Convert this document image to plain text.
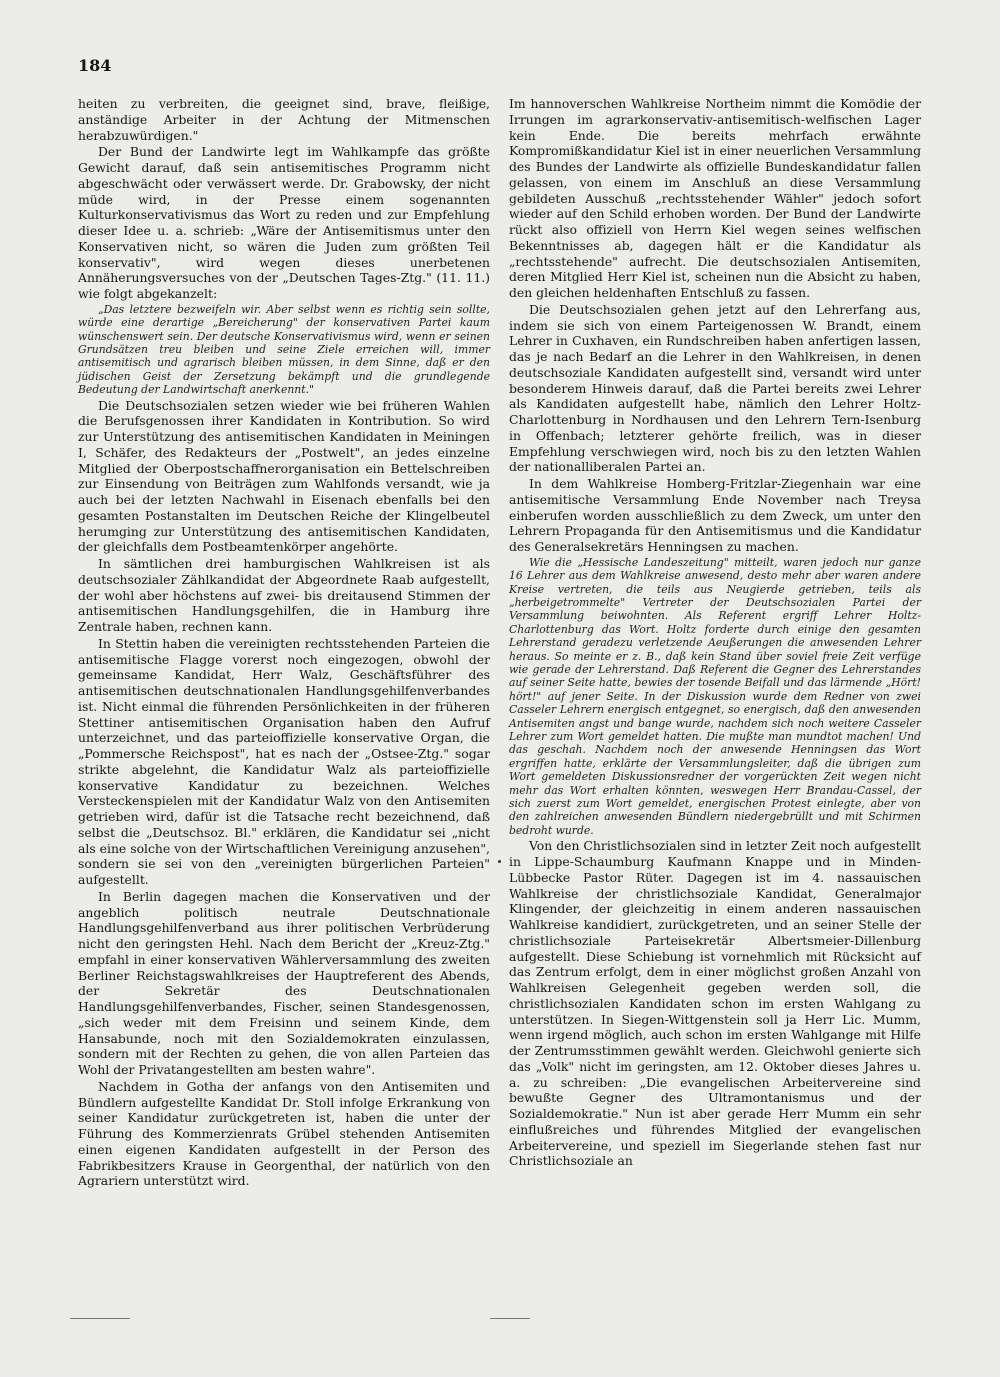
184

heiten zu verbreiten, die geeignet sind, brave, fleißige, anständige Arbeiter in der Achtung der Mitmenschen herabzuwürdigen."

Der Bund der Landwirte legt im Wahlkampfe das größte Gewicht darauf, daß sein antisemitisches Programm nicht abgeschwächt oder verwässert werde. Dr. Grabowsky, der nicht müde wird, in der Presse einem sogenannten Kulturkonservativismus das Wort zu reden und zur Empfehlung dieser Idee u. a. schrieb: „Wäre der Antisemitismus unter den Konservativen nicht, so wären die Juden zum größten Teil konservativ", wird wegen dieses unerbetenen Annäherungsversuches von der „Deutschen Tages-Ztg." (11. 11.) wie folgt abgekanzelt:

„Das letztere bezweifeln wir. Aber selbst wenn es richtig sein sollte, würde eine derartige „Bereicherung" der konservativen Partei kaum wünschenswert sein. Der deutsche Konservativismus wird, wenn er seinen Grundsätzen treu bleiben und seine Ziele erreichen will, immer antisemitisch und agrarisch bleiben müssen, in dem Sinne, daß er den jüdischen Geist der Zersetzung bekämpft und die grundlegende Bedeutung der Landwirtschaft anerkennt."

Die Deutschsozialen setzen wieder wie bei früheren Wahlen die Berufsgenossen ihrer Kandidaten in Kontribution. So wird zur Unterstützung des antisemitischen Kandidaten in Meiningen I, Schäfer, des Redakteurs der „Postwelt", an jedes einzelne Mitglied der Oberpostschaffnerorganisation ein Bettelschreiben zur Einsendung von Beiträgen zum Wahlfonds versandt, wie ja auch bei der letzten Nachwahl in Eisenach ebenfalls bei den gesamten Postanstalten im Deutschen Reiche der Klingelbeutel herumging zur Unterstützung des antisemitischen Kandidaten, der gleichfalls dem Postbeamtenkörper angehörte.

In sämtlichen drei hamburgischen Wahlkreisen ist als deutschsozialer Zählkandidat der Abgeordnete Raab aufgestellt, der wohl aber höchstens auf zwei- bis dreitausend Stimmen der antisemitischen Handlungsgehilfen, die in Hamburg ihre Zentrale haben, rechnen kann.

In Stettin haben die vereinigten rechtsstehenden Parteien die antisemitische Flagge vorerst noch eingezogen, obwohl der gemeinsame Kandidat, Herr Walz, Geschäftsführer des antisemitischen deutschnationalen Handlungsgehilfenverbandes ist. Nicht einmal die führenden Persönlichkeiten in der früheren Stettiner antisemitischen Organisation haben den Aufruf unterzeichnet, und das parteioffizielle konservative Organ, die „Pommersche Reichspost", hat es nach der „Ostsee-Ztg." sogar strikte abgelehnt, die Kandidatur Walz als parteioffizielle konservative Kandidatur zu bezeichnen. Welches Versteckenspielen mit der Kandidatur Walz von den Antisemiten getrieben wird, dafür ist die Tatsache recht bezeichnend, daß selbst die „Deutschsoz. Bl." erklären, die Kandidatur sei „nicht als eine solche von der Wirtschaftlichen Vereinigung anzusehen", sondern sie sei von den „vereinigten bürgerlichen Parteien" aufgestellt.

In Berlin dagegen machen die Konservativen und der angeblich politisch neutrale Deutschnationale Handlungsgehilfenverband aus ihrer politischen Verbrüderung nicht den geringsten Hehl. Nach dem Bericht der „Kreuz-Ztg." empfahl in einer konservativen Wählerversammlung des zweiten Berliner Reichstagswahlkreises der Hauptreferent des Abends, der Sekretär des Deutschnationalen Handlungsgehilfenverbandes, Fischer, seinen Standesgenossen, „sich weder mit dem Freisinn und seinem Kinde, dem Hansabunde, noch mit den Sozialdemokraten einzulassen, sondern mit der Rechten zu gehen, die von allen Parteien das Wohl der Privatangestellten am besten wahre".

Nachdem in Gotha der anfangs von den Antisemiten und Bündlern aufgestellte Kandidat Dr. Stoll infolge Erkrankung von seiner Kandidatur zurückgetreten ist, haben die unter der Führung des Kommerzienrats Grübel stehenden Antisemiten einen eigenen Kandidaten aufgestellt in der Person des Fabrikbesitzers Krause in Georgenthal, der natürlich von den Agrariern unterstützt wird.

Im hannoverschen Wahlkreise Northeim nimmt die Komödie der Irrungen im agrarkonservativ-antisemitisch-welfischen Lager kein Ende. Die bereits mehrfach erwähnte Kompromißkandidatur Kiel ist in einer neuerlichen Versammlung des Bundes der Landwirte als offizielle Bundeskandidatur fallen gelassen, von einem im Anschluß an diese Versammlung gebildeten Ausschuß „rechtsstehender Wähler" jedoch sofort wieder auf den Schild erhoben worden. Der Bund der Landwirte rückt also offiziell von Herrn Kiel wegen seines welfischen Bekenntnisses ab, dagegen hält er die Kandidatur als „rechtsstehende" aufrecht. Die deutschsozialen Antisemiten, deren Mitglied Herr Kiel ist, scheinen nun die Absicht zu haben, den gleichen heldenhaften Entschluß zu fassen.

Die Deutschsozialen gehen jetzt auf den Lehrerfang aus, indem sie sich von einem Parteigenossen W. Brandt, einem Lehrer in Cuxhaven, ein Rundschreiben haben anfertigen lassen, das je nach Bedarf an die Lehrer in den Wahlkreisen, in denen deutschsoziale Kandidaten aufgestellt sind, versandt wird unter besonderem Hinweis darauf, daß die Partei bereits zwei Lehrer als Kandidaten aufgestellt habe, nämlich den Lehrer Holtz-Charlottenburg in Nordhausen und den Lehrern Tern-Isenburg in Offenbach; letzterer gehörte freilich, was in dieser Empfehlung verschwiegen wird, noch bis zu den letzten Wahlen der nationalliberalen Partei an.

In dem Wahlkreise Homberg-Fritzlar-Ziegenhain war eine antisemitische Versammlung Ende November nach Treysa einberufen worden ausschließlich zu dem Zweck, um unter den Lehrern Propaganda für den Antisemitismus und die Kandidatur des Generalsekretärs Henningsen zu machen.

Wie die „Hessische Landeszeitung" mitteilt, waren jedoch nur ganze 16 Lehrer aus dem Wahlkreise anwesend, desto mehr aber waren andere Kreise vertreten, die teils aus Neugierde getrieben, teils als „herbeigetrommelte" Vertreter der Deutschsozialen Partei der Versammlung beiwohnten. Als Referent ergriff Lehrer Holtz-Charlottenburg das Wort. Holtz forderte durch einige den gesamten Lehrerstand geradezu verletzende Aeußerungen die anwesenden Lehrer heraus. So meinte er z. B., daß kein Stand über soviel freie Zeit verfüge wie gerade der Lehrerstand. Daß Referent die Gegner des Lehrerstandes auf seiner Seite hatte, bewies der tosende Beifall und das lärmende „Hört! hört!" auf jener Seite. In der Diskussion wurde dem Redner von zwei Casseler Lehrern energisch entgegnet, so energisch, daß den anwesenden Antisemiten angst und bange wurde, nachdem sich noch weitere Casseler Lehrer zum Wort gemeldet hatten. Die mußte man mundtot machen! Und das geschah. Nachdem noch der anwesende Henningsen das Wort ergriffen hatte, erklärte der Versammlungsleiter, daß die übrigen zum Wort gemeldeten Diskussionsredner der vorgerückten Zeit wegen nicht mehr das Wort erhalten könnten, weswegen Herr Brandau-Cassel, der sich zuerst zum Wort gemeldet, energischen Protest einlegte, aber von den zahlreichen anwesenden Bündlern niedergebrüllt und mit Schirmen bedroht wurde.

Von den Christlichsozialen sind in letzter Zeit noch aufgestellt in Lippe-Schaumburg Kaufmann Knappe und in Minden-Lübbecke Pastor Rüter. Dagegen ist im 4. nassauischen Wahlkreise der christlichsoziale Kandidat, Generalmajor Klingender, der gleichzeitig in einem anderen nassauischen Wahlkreise kandidiert, zurückgetreten, und an seiner Stelle der christlichsoziale Parteisekretär Albertsmeier-Dillenburg aufgestellt. Diese Schiebung ist vornehmlich mit Rücksicht auf das Zentrum erfolgt, dem in einer möglichst großen Anzahl von Wahlkreisen Gelegenheit gegeben werden soll, die christlichsozialen Kandidaten schon im ersten Wahlgang zu unterstützen. In Siegen-Wittgenstein soll ja Herr Lic. Mumm, wenn irgend möglich, auch schon im ersten Wahlgange mit Hilfe der Zentrumsstimmen gewählt werden. Gleichwohl genierte sich das „Volk" nicht im geringsten, am 12. Oktober dieses Jahres u. a. zu schreiben: „Die evangelischen Arbeitervereine sind bewußte Gegner des Ultramontanismus und der Sozialdemokratie." Nun ist aber gerade Herr Mumm ein sehr einflußreiches und führendes Mitglied der evangelischen Arbeitervereine, und speziell im Siegerlande stehen fast nur Christlichsoziale an
